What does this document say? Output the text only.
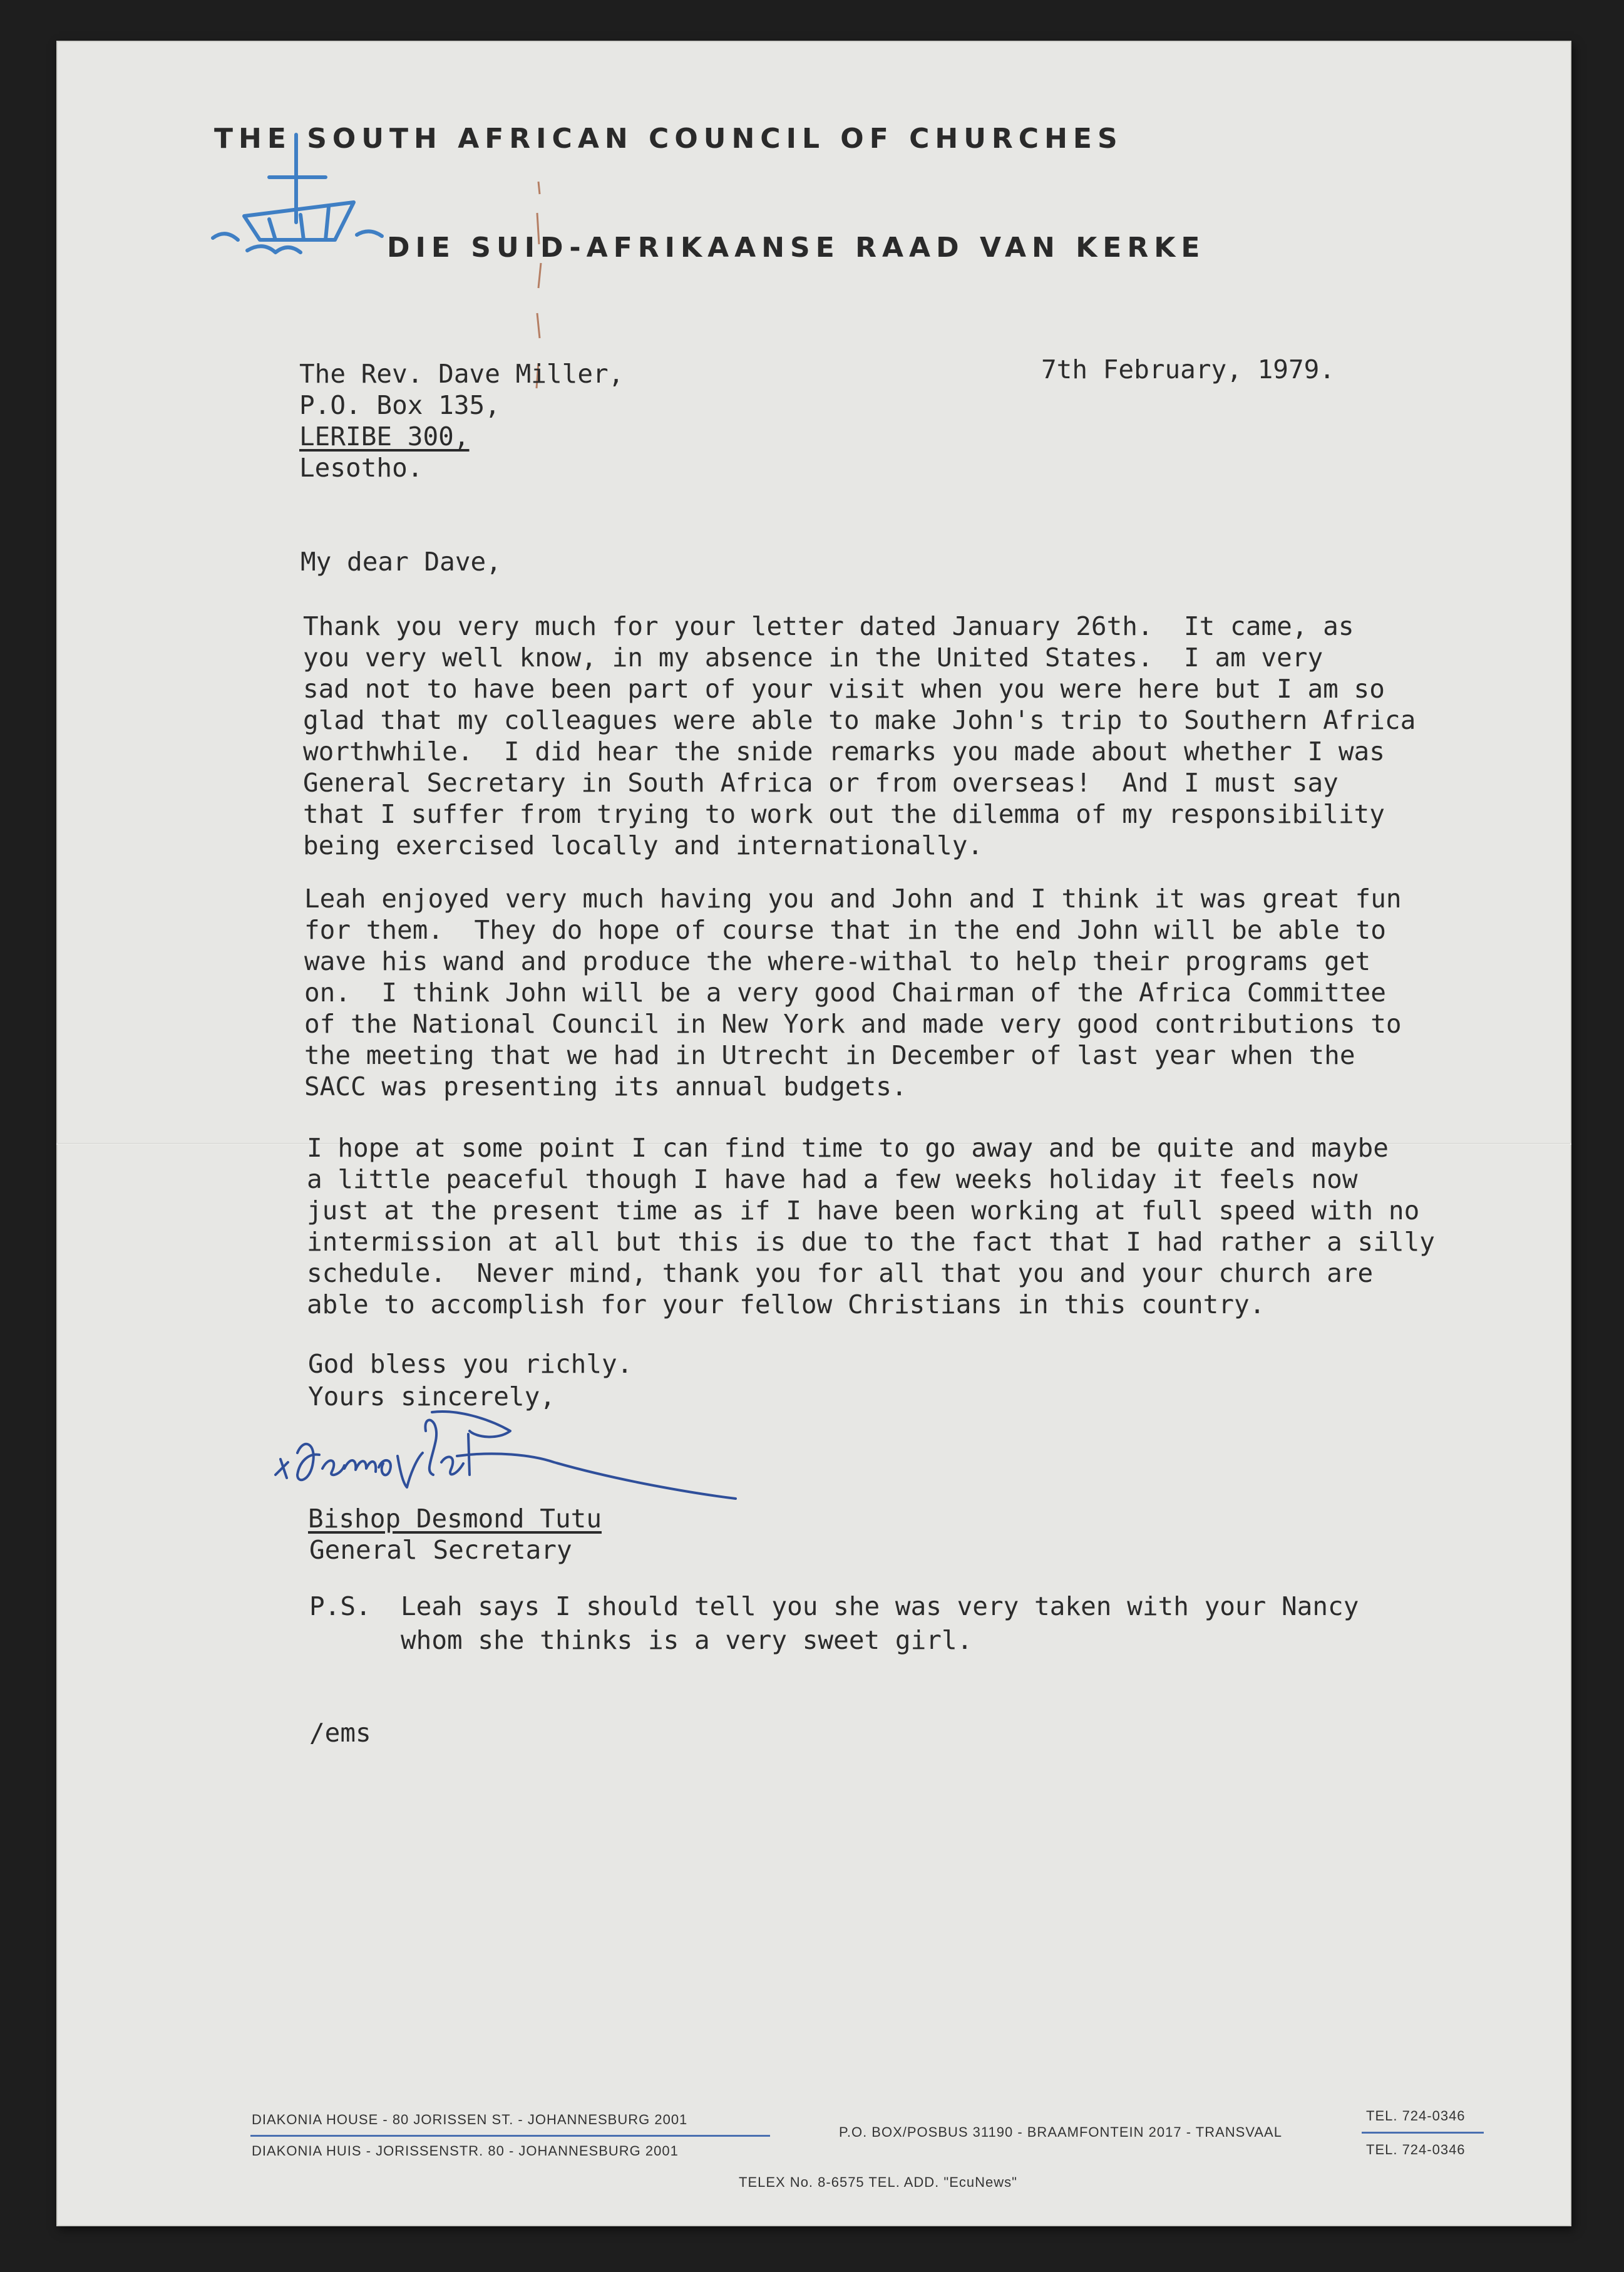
THE SOUTH AFRICAN COUNCIL OF CHURCHES
DIE SUID-AFRIKAANSE RAAD VAN KERKE
The Rev. Dave Miller,
P.O. Box 135,
LERIBE 300,
Lesotho.
7th February, 1979.
My dear Dave,
Thank you very much for your letter dated January 26th.  It came, as
you very well know, in my absence in the United States.  I am very
sad not to have been part of your visit when you were here but I am so
glad that my colleagues were able to make John's trip to Southern Africa
worthwhile.  I did hear the snide remarks you made about whether I was
General Secretary in South Africa or from overseas!  And I must say
that I suffer from trying to work out the dilemma of my responsibility
being exercised locally and internationally.
Leah enjoyed very much having you and John and I think it was great fun
for them.  They do hope of course that in the end John will be able to
wave his wand and produce the where-withal to help their programs get
on.  I think John will be a very good Chairman of the Africa Committee
of the National Council in New York and made very good contributions to
the meeting that we had in Utrecht in December of last year when the
SACC was presenting its annual budgets.
I hope at some point I can find time to go away and be quite and maybe
a little peaceful though I have had a few weeks holiday it feels now
just at the present time as if I have been working at full speed with no
intermission at all but this is due to the fact that I had rather a silly
schedule.  Never mind, thank you for all that you and your church are
able to accomplish for your fellow Christians in this country.
God bless you richly.
Yours sincerely,
Bishop Desmond Tutu
General Secretary
P.S. Leah says I should tell you she was very taken with your Nancy
whom she thinks is a very sweet girl.
/ems
DIAKONIA HOUSE - 80 JORISSEN ST. - JOHANNESBURG 2001
DIAKONIA HUIS - JORISSENSTR. 80 - JOHANNESBURG 2001
P.O. BOX/POSBUS 31190 - BRAAMFONTEIN 2017 - TRANSVAAL
TEL. 724-0346
TEL. 724-0346
TELEX No. 8-6575 TEL. ADD. "EcuNews"
